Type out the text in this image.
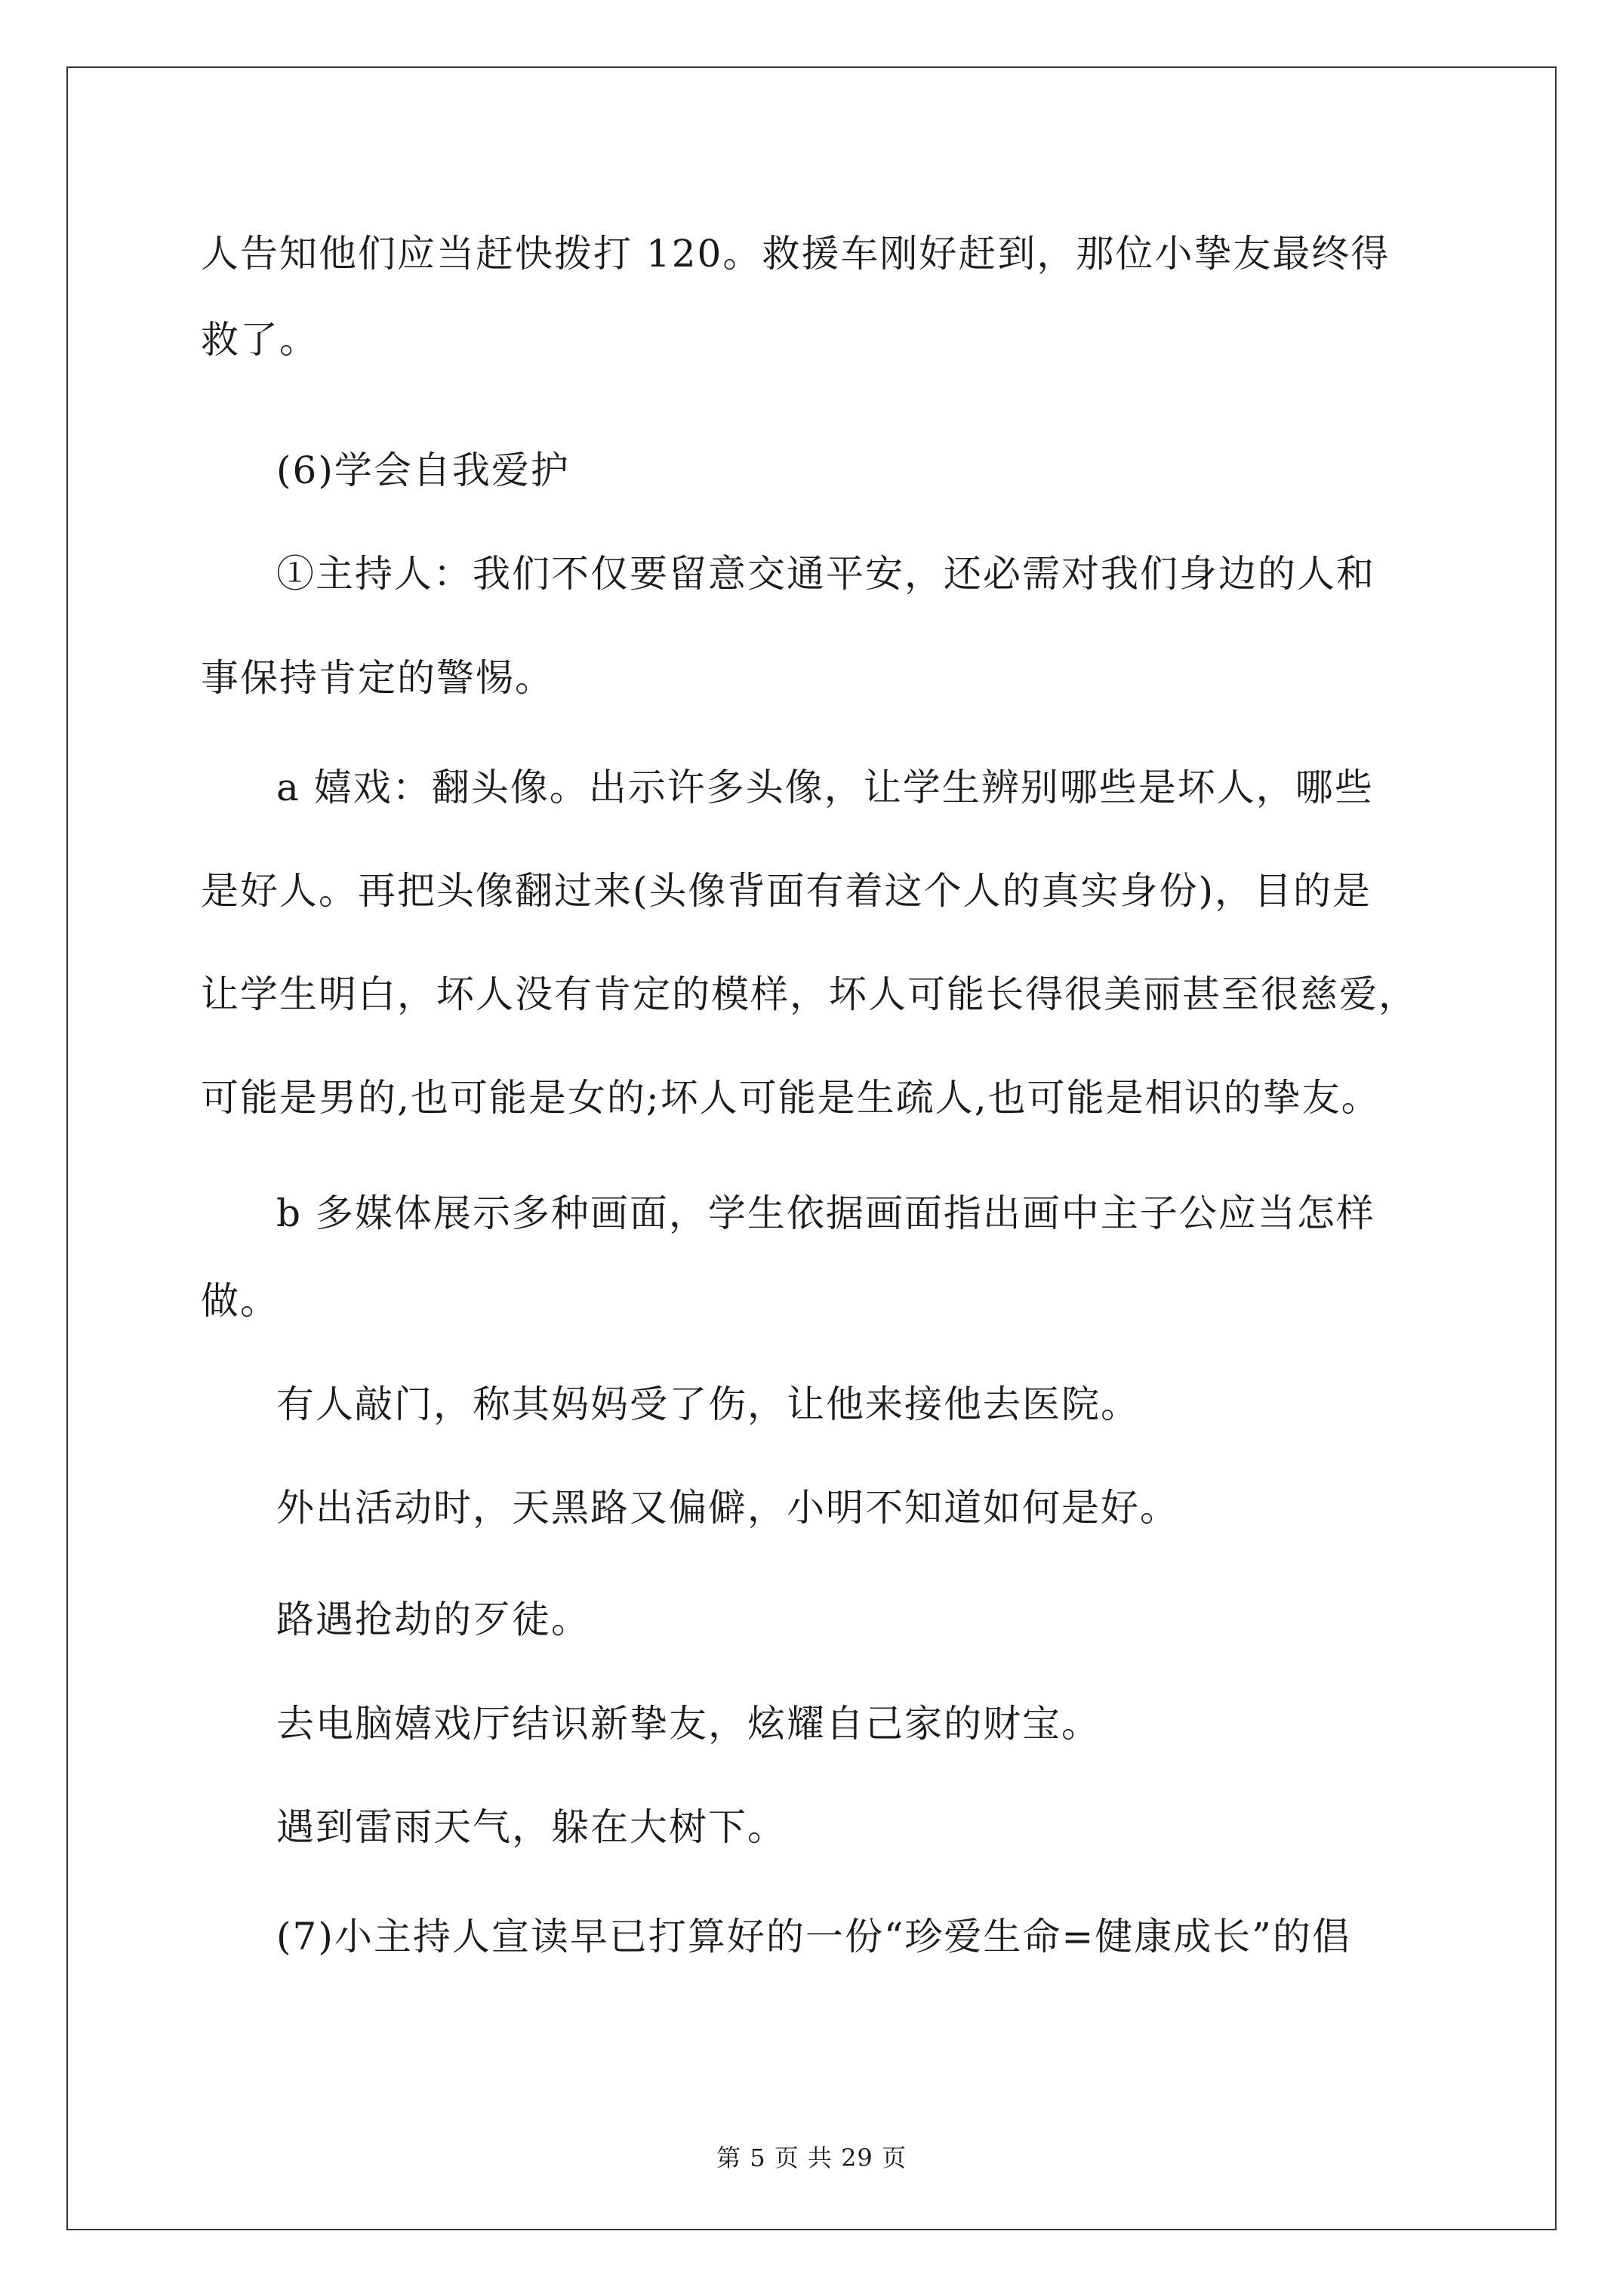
人告知他们应当赶快拨打 120。救援车刚好赶到，那位小挚友最终得
救了。
(6)学会自我爱护
①主持人：我们不仅要留意交通平安，还必需对我们身边的人和
事保持肯定的警惕。
a 嬉戏：翻头像。出示许多头像，让学生辨别哪些是坏人，哪些
是好人。再把头像翻过来(头像背面有着这个人的真实身份)，目的是
让学生明白，坏人没有肯定的模样，坏人可能长得很美丽甚至很慈爱，
可能是男的,也可能是女的;坏人可能是生疏人,也可能是相识的挚友。
b 多媒体展示多种画面，学生依据画面指出画中主子公应当怎样
做。
有人敲门，称其妈妈受了伤，让他来接他去医院。
外出活动时，天黑路又偏僻，小明不知道如何是好。
路遇抢劫的歹徒。
去电脑嬉戏厅结识新挚友，炫耀自己家的财宝。
遇到雷雨天气，躲在大树下。
(7)小主持人宣读早已打算好的一份“珍爱生命=健康成长”的倡
第 5 页 共 29 页
